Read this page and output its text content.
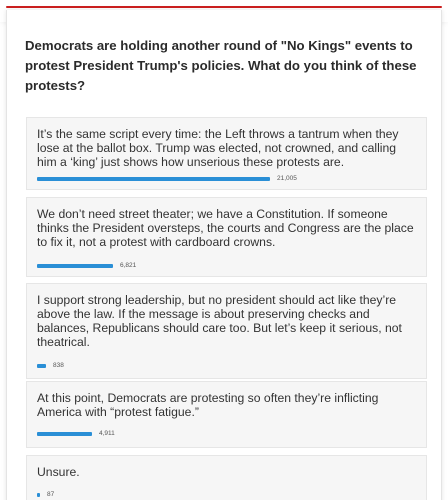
Democrats are holding another round of "No Kings" events to protest President Trump's policies. What do you think of these protests?

It’s the same script every time: the Left throws a tantrum when they lose at the ballot box. Trump was elected, not crowned, and calling him a ‘king’ just shows how unserious these protests are.
21,005
We don’t need street theater; we have a Constitution. If someone thinks the President oversteps, the courts and Congress are the place to fix it, not a protest with cardboard crowns.
6,821
I support strong leadership, but no president should act like they’re above the law. If the message is about preserving checks and balances, Republicans should care too. But let’s keep it serious, not theatrical.
838
At this point, Democrats are protesting so often they’re inflicting America with “protest fatigue.”
4,911
Unsure.
87
